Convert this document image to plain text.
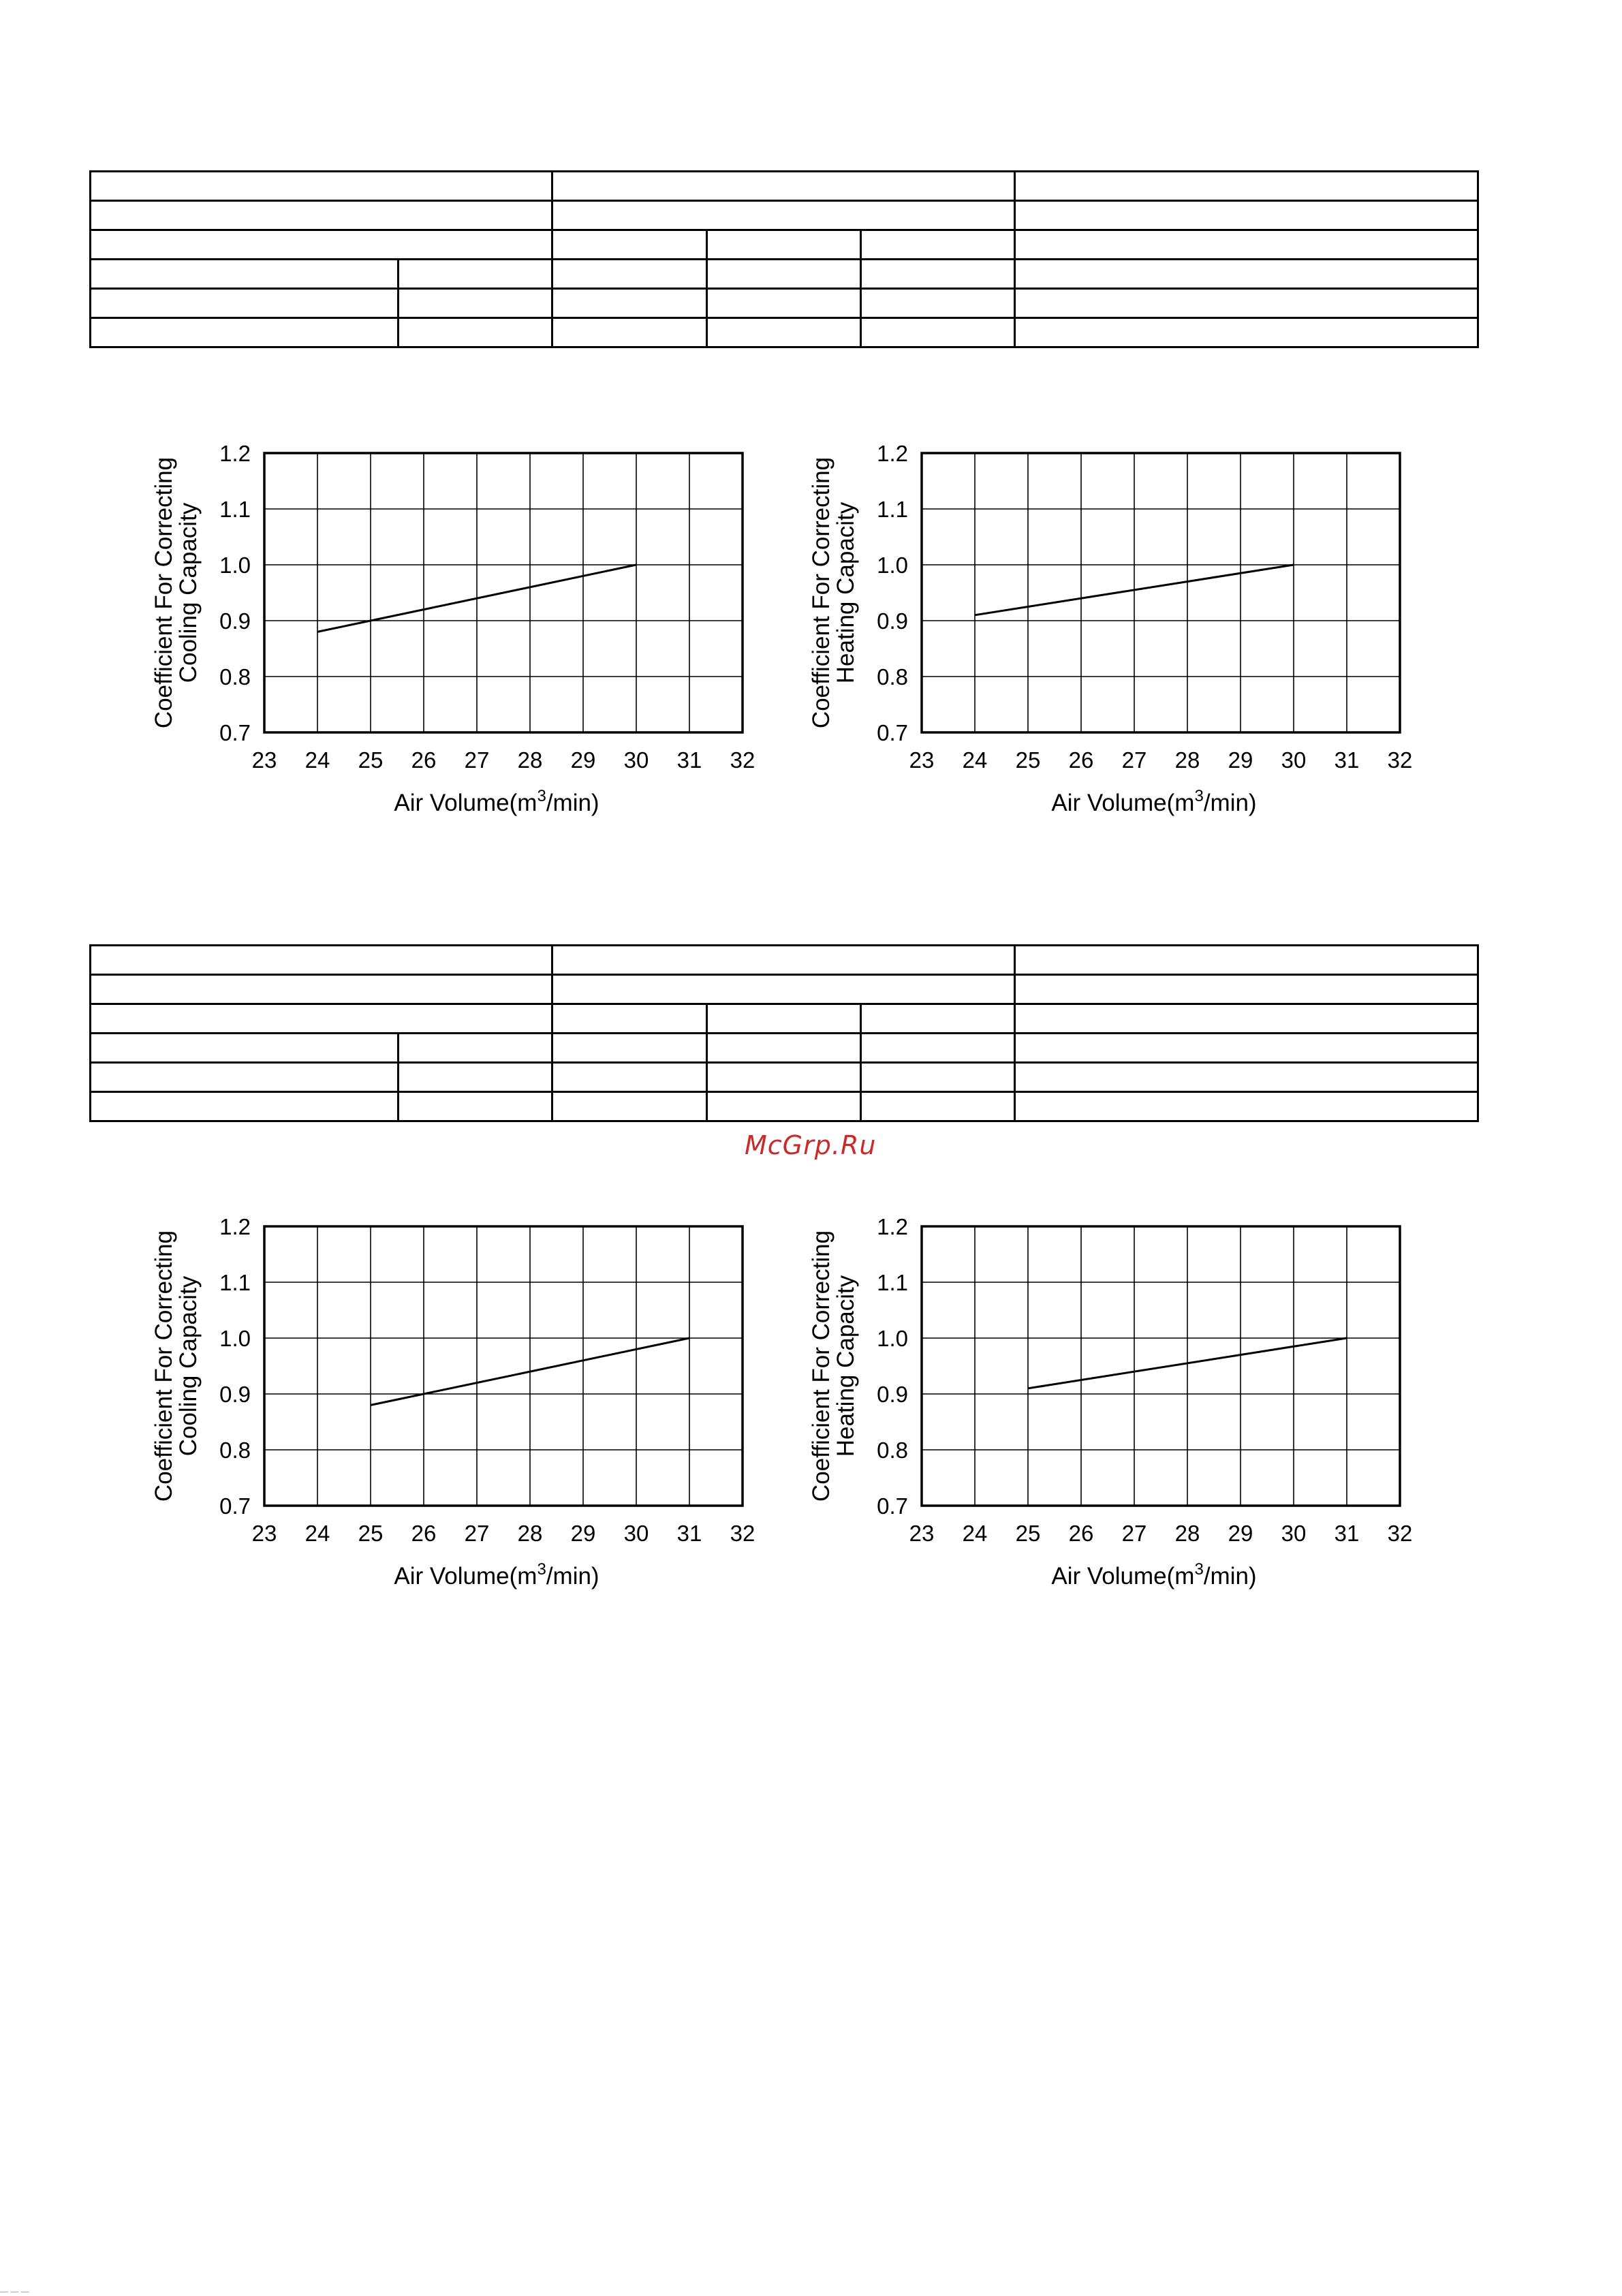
23 24 25 26 27 28 29 30 31 32
0.7
0.8
0.9
1.0
1.1
1.2
Air $Volume(m^3/\min)$
Coefficient For Correcting
Cooling Capacity
23 24 25 26 27 28 29 30 31 32
0.7
0.8
0.9
1.0
1.1
1.2
Air $Volume(m^3/\min)$
Coefficient For Correcting
Heating Capacity
23 24 25 26 27 28 29 30 31 32
0.7
0.8
0.9
1.0
1.1
1.2
Air $Volume(m^3/\min)$
Coefficient For Correcting
Cooling Capacity
23 24 25 26 27 28 29 30 31 32
0.7
0.8
0.9
1.0
1.1
1.2
Air $Volume(m^3/\min)$
Coefficient For Correcting
Heating Capacity
McGrp.Ru
— — —
